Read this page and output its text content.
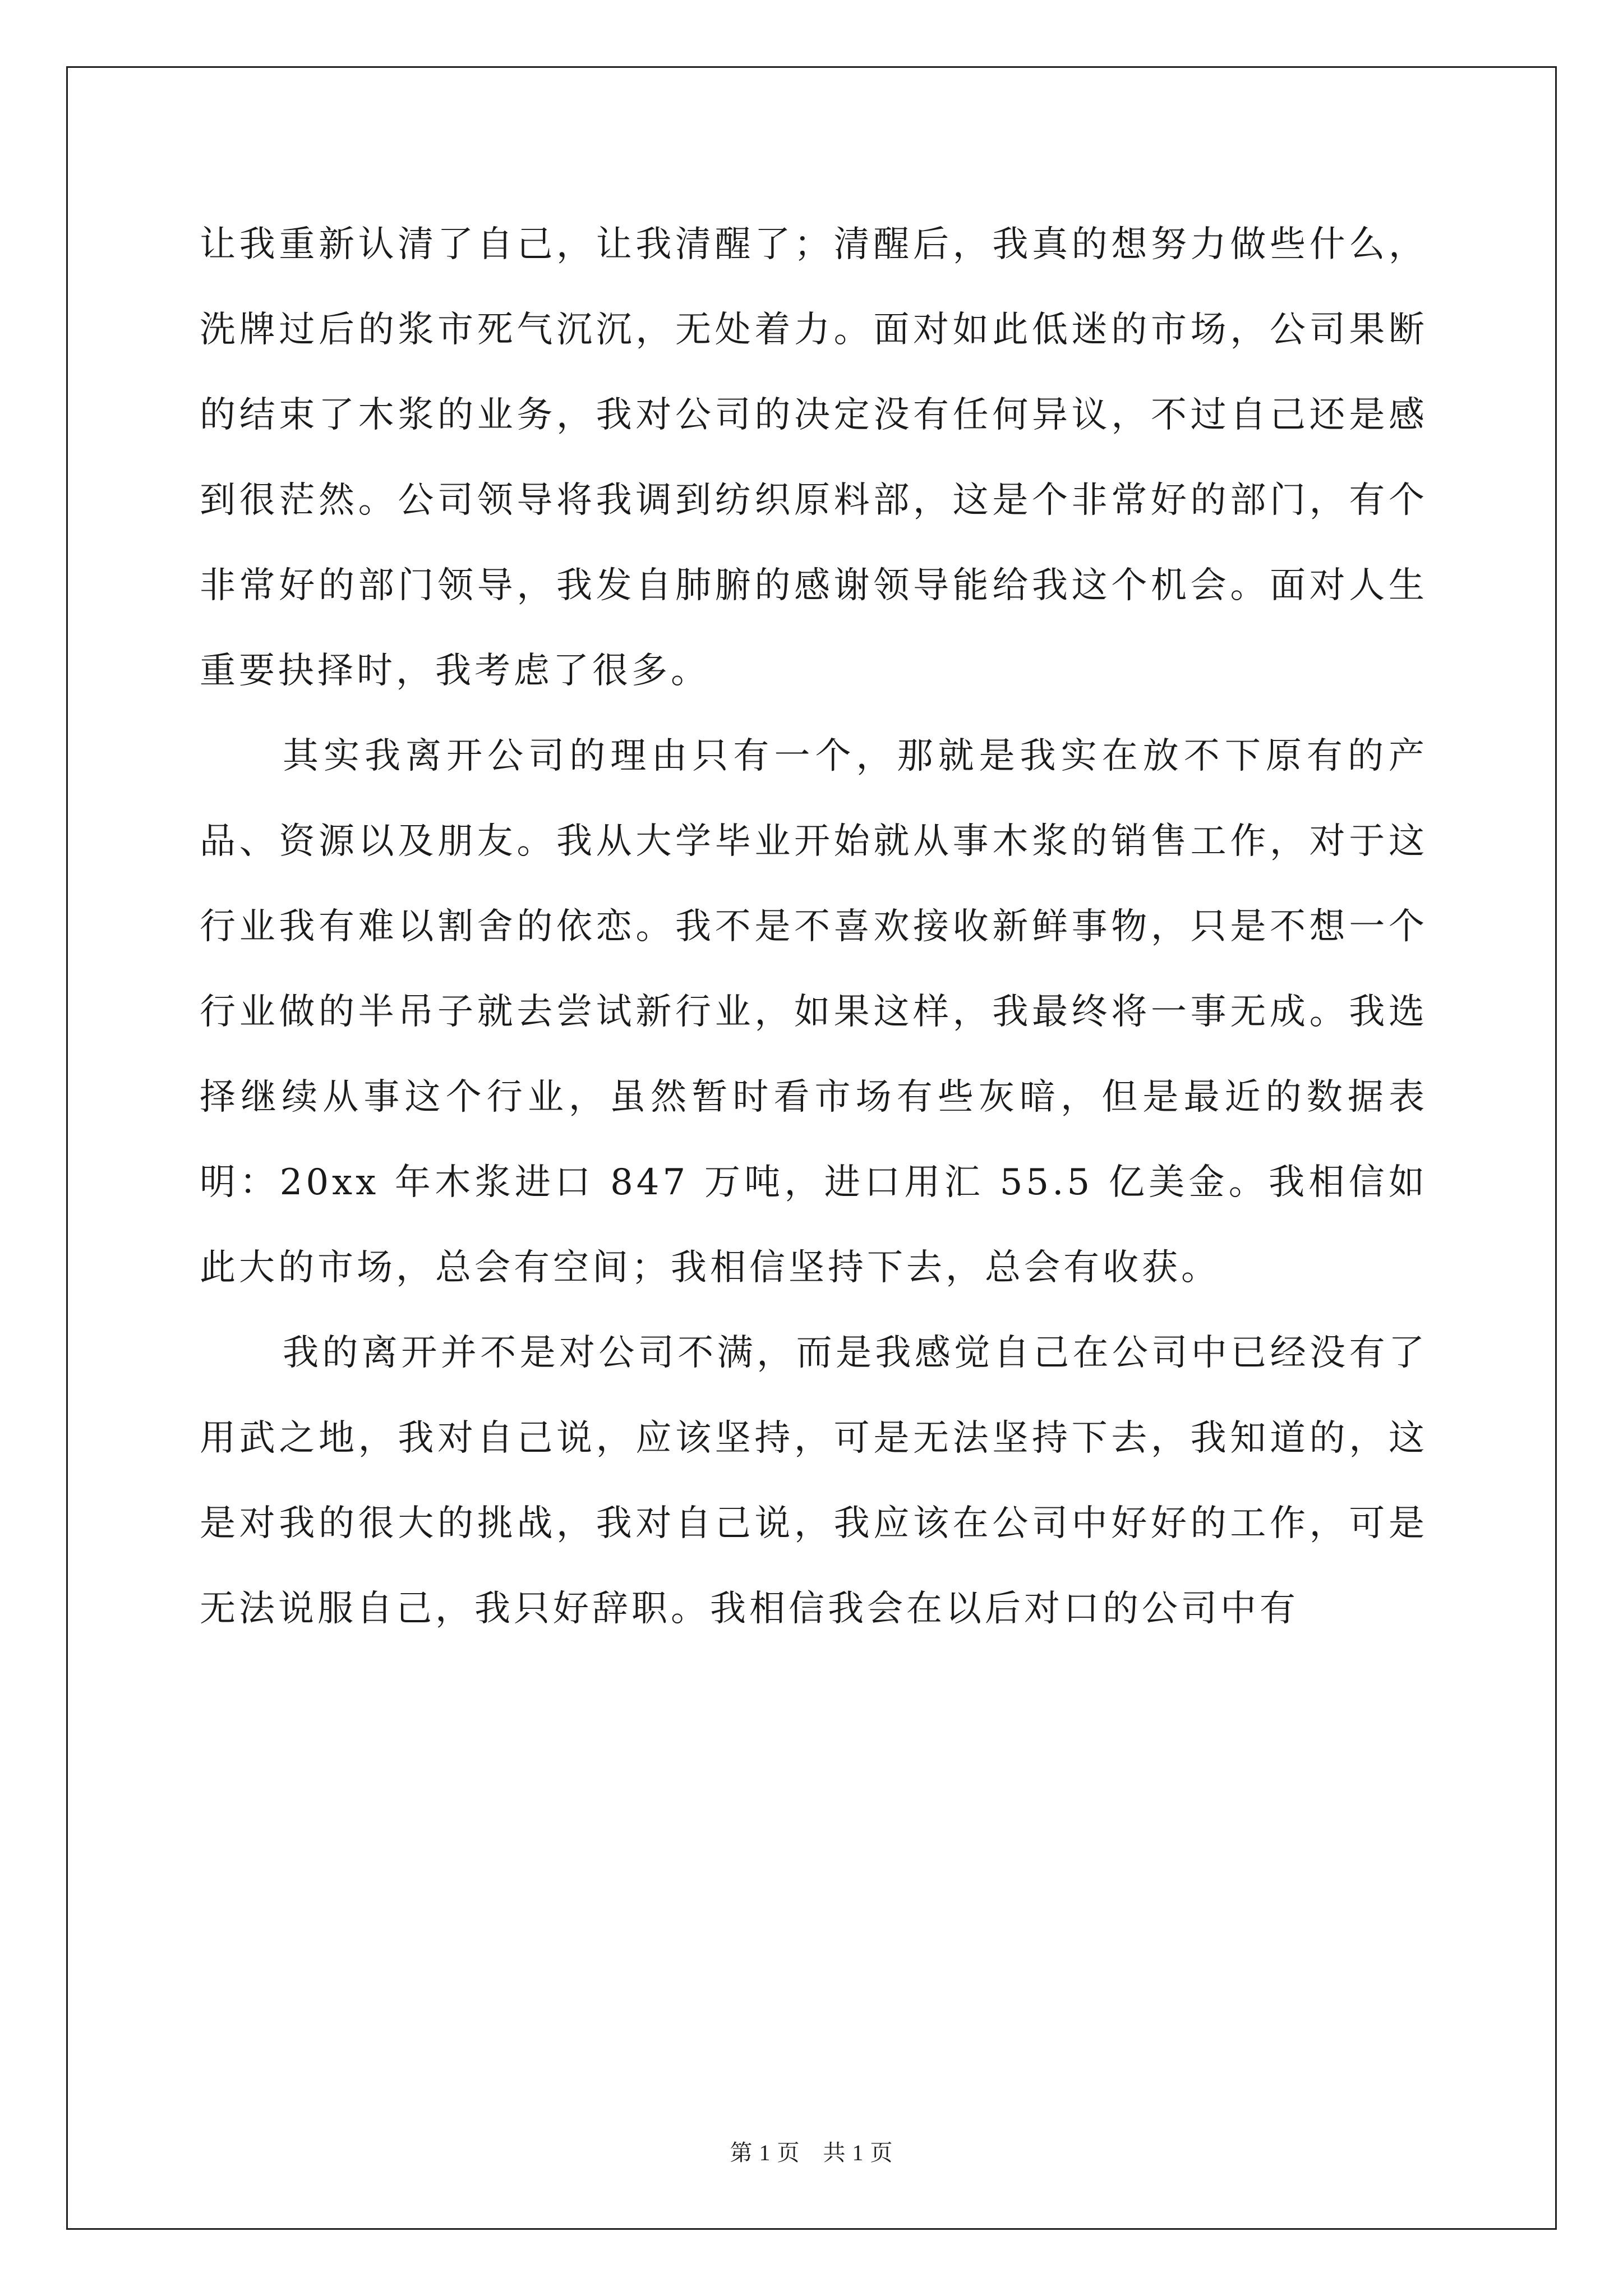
让我重新认清了自己，让我清醒了；清醒后，我真的想努力做些什么，洗牌过后的浆市死气沉沉，无处着力。面对如此低迷的市场，公司果断的结束了木浆的业务，我对公司的决定没有任何异议，不过自己还是感到很茫然。公司领导将我调到纺织原料部，这是个非常好的部门，有个非常好的部门领导，我发自肺腑的感谢领导能给我这个机会。面对人生重要抉择时，我考虑了很多。

其实我离开公司的理由只有一个，那就是我实在放不下原有的产品、资源以及朋友。我从大学毕业开始就从事木浆的销售工作，对于这行业我有难以割舍的依恋。我不是不喜欢接收新鲜事物，只是不想一个行业做的半吊子就去尝试新行业，如果这样，我最终将一事无成。我选择继续从事这个行业，虽然暂时看市场有些灰暗，但是最近的数据表明：20xx 年木浆进口 847 万吨，进口用汇 55.5 亿美金。我相信如此大的市场，总会有空间；我相信坚持下去，总会有收获。

我的离开并不是对公司不满，而是我感觉自己在公司中已经没有了用武之地，我对自己说，应该坚持，可是无法坚持下去，我知道的，这是对我的很大的挑战，我对自己说，我应该在公司中好好的工作，可是无法说服自己，我只好辞职。我相信我会在以后对口的公司中有

第 1 页　共 1 页
